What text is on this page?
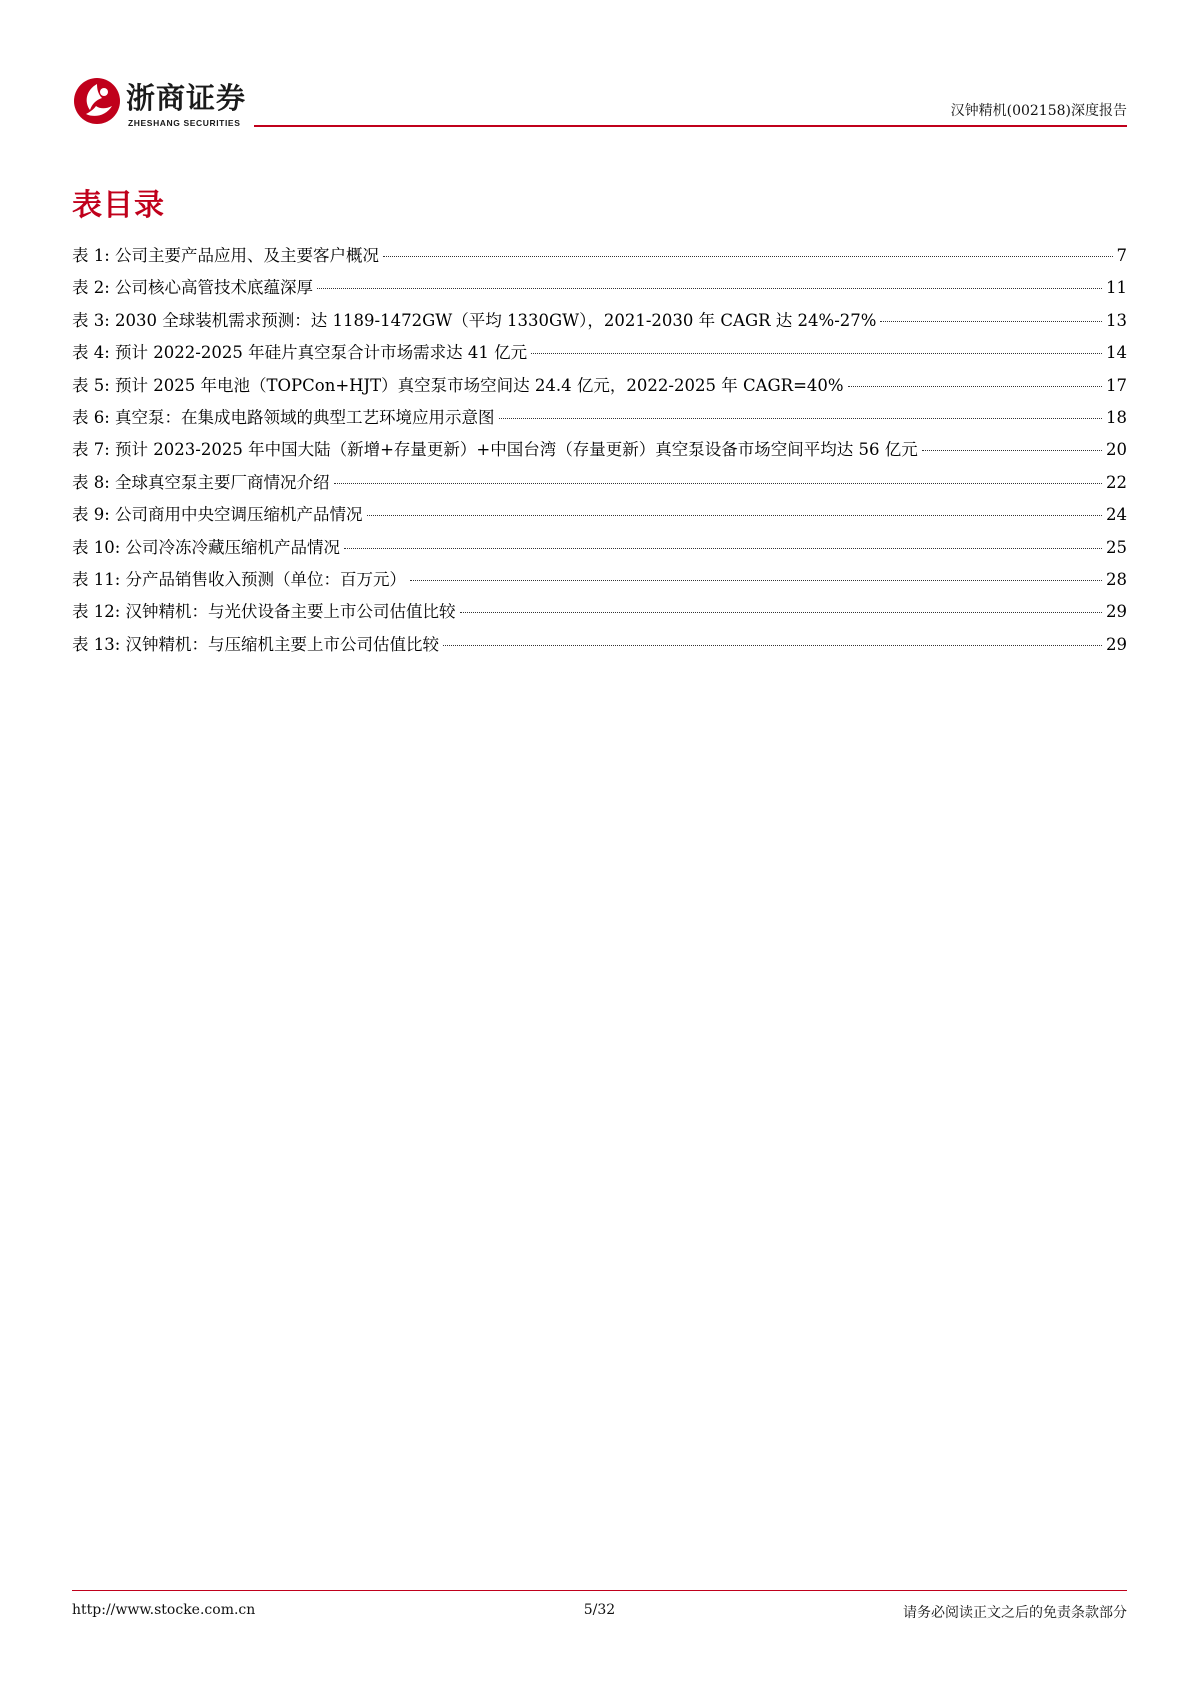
浙商证券
ZHESHANG SECURITIES
汉钟精机(002158)深度报告
表目录
表 1: 公司主要产品应用、及主要客户概况	7
表 2: 公司核心高管技术底蕴深厚	11
表 3: 2030 全球装机需求预测：达 1189-1472GW（平均 1330GW），2021-2030 年 CAGR 达 24%-27%	13
表 4: 预计 2022-2025 年硅片真空泵合计市场需求达 41 亿元	14
表 5: 预计 2025 年电池（TOPCon+HJT）真空泵市场空间达 24.4 亿元，2022-2025 年 CAGR=40%	17
表 6: 真空泵：在集成电路领域的典型工艺环境应用示意图	18
表 7: 预计 2023-2025 年中国大陆（新增+存量更新）+中国台湾（存量更新）真空泵设备市场空间平均达 56 亿元	20
表 8: 全球真空泵主要厂商情况介绍	22
表 9: 公司商用中央空调压缩机产品情况	24
表 10: 公司冷冻冷藏压缩机产品情况	25
表 11: 分产品销售收入预测（单位：百万元）	28
表 12: 汉钟精机：与光伏设备主要上市公司估值比较	29
表 13: 汉钟精机：与压缩机主要上市公司估值比较	29
http://www.stocke.com.cn	5/32	请务必阅读正文之后的免责条款部分
